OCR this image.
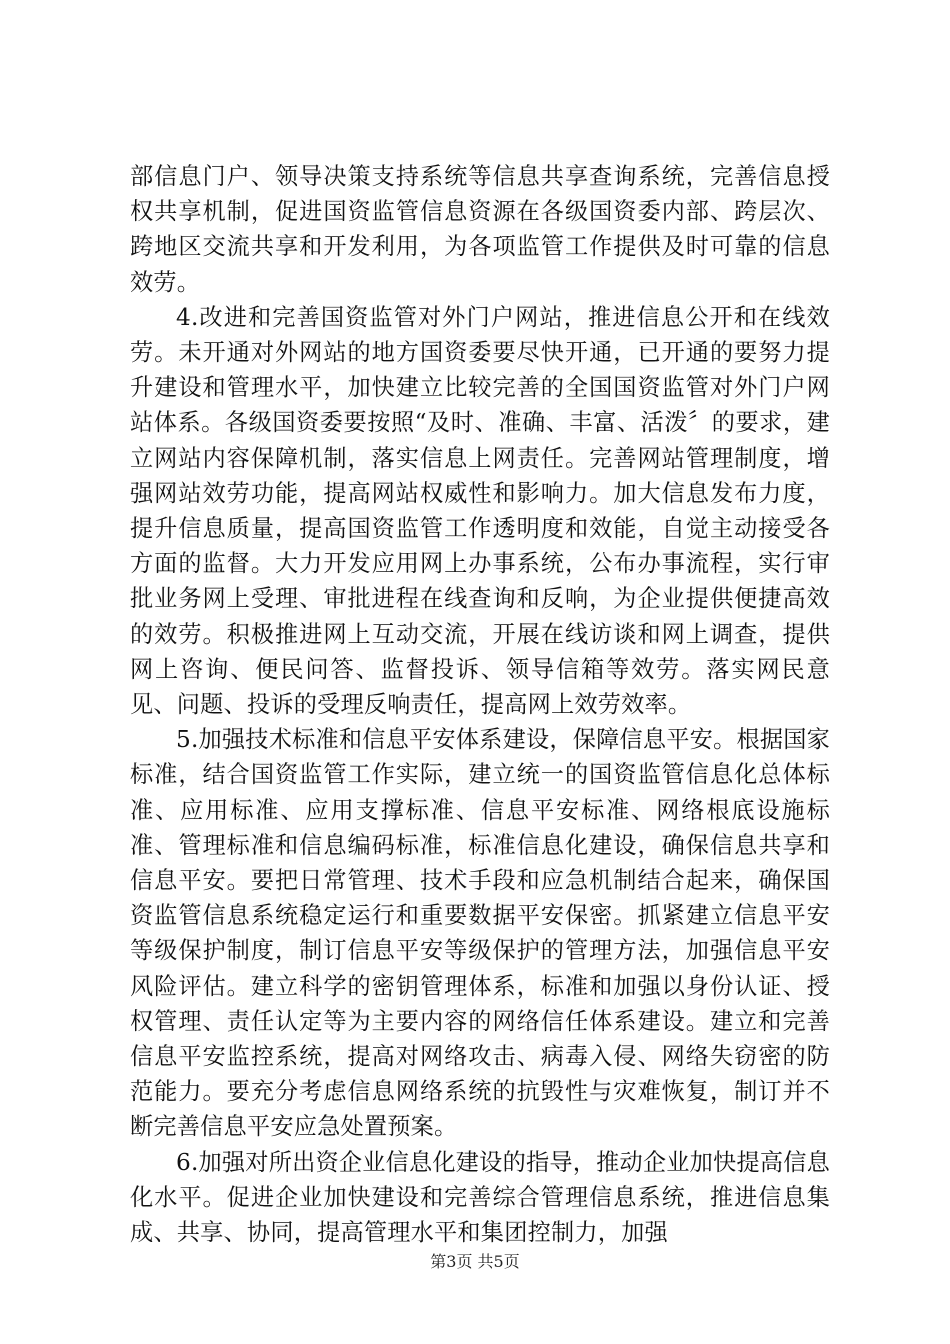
部信息门户、领导决策支持系统等信息共享查询系统，完善信息授权共享机制，促进国资监管信息资源在各级国资委内部、跨层次、跨地区交流共享和开发利用，为各项监管工作提供及时可靠的信息效劳。

4.改进和完善国资监管对外门户网站，推进信息公开和在线效劳。未开通对外网站的地方国资委要尽快开通，已开通的要努力提升建设和管理水平，加快建立比较完善的全国国资监管对外门户网站体系。各级国资委要按照“及时、准确、丰富、活泼〞的要求，建立网站内容保障机制，落实信息上网责任。完善网站管理制度，增强网站效劳功能，提高网站权威性和影响力。加大信息发布力度，提升信息质量，提高国资监管工作透明度和效能，自觉主动接受各方面的监督。大力开发应用网上办事系统，公布办事流程，实行审批业务网上受理、审批进程在线查询和反响，为企业提供便捷高效的效劳。积极推进网上互动交流，开展在线访谈和网上调查，提供网上咨询、便民问答、监督投诉、领导信箱等效劳。落实网民意见、问题、投诉的受理反响责任，提高网上效劳效率。

5.加强技术标准和信息平安体系建设，保障信息平安。根据国家标准，结合国资监管工作实际，建立统一的国资监管信息化总体标准、应用标准、应用支撑标准、信息平安标准、网络根底设施标准、管理标准和信息编码标准，标准信息化建设，确保信息共享和信息平安。要把日常管理、技术手段和应急机制结合起来，确保国资监管信息系统稳定运行和重要数据平安保密。抓紧建立信息平安等级保护制度，制订信息平安等级保护的管理方法，加强信息平安风险评估。建立科学的密钥管理体系，标准和加强以身份认证、授权管理、责任认定等为主要内容的网络信任体系建设。建立和完善信息平安监控系统，提高对网络攻击、病毒入侵、网络失窃密的防范能力。要充分考虑信息网络系统的抗毁性与灾难恢复，制订并不断完善信息平安应急处置预案。

6.加强对所出资企业信息化建设的指导，推动企业加快提高信息化水平。促进企业加快建设和完善综合管理信息系统，推进信息集成、共享、协同，提高管理水平和集团控制力，加强

第3页 共5页
